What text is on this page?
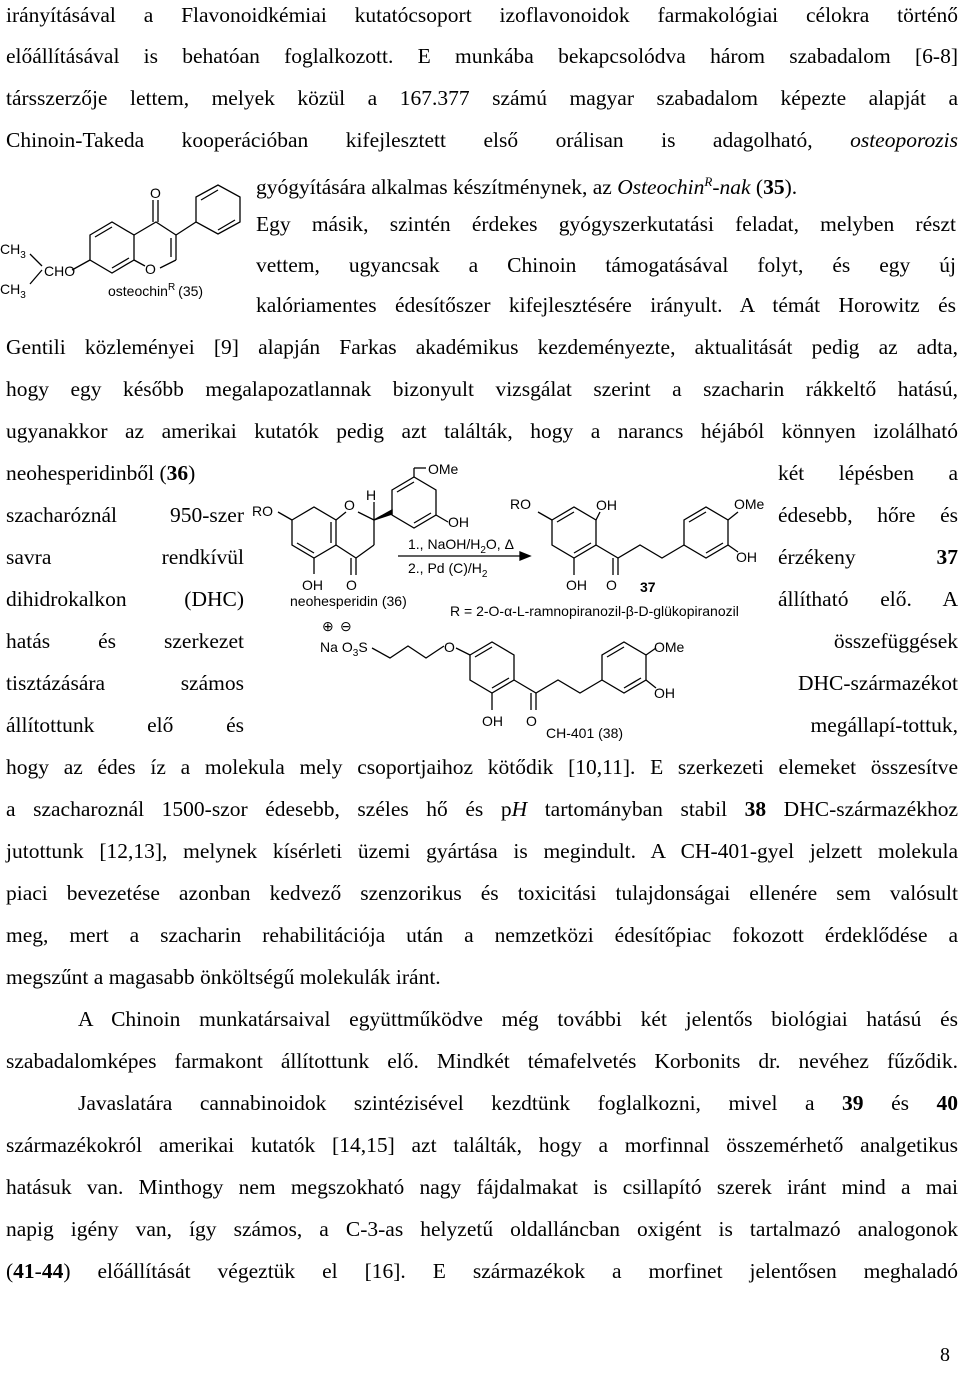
irányításával a Flavonoidkémiai kutatócsoport izoflavonoidok farmakológiai célokra történő
előállításával is behatóan foglalkozott. E munkába bekapcsolódva három szabadalom [6-8]
társszerzője lettem, melyek közül a 167.377 számú magyar szabadalom képezte alapját a
Chinoin-Takeda kooperációban kifejlesztett első orálisan is adagolható, osteoporozis
gyógyítására alkalmas készítménynek, az Osteochin$^R$-nak (35).
Egy másik, szintén érdekes gyógyszerkutatási feladat, melyben részt
vettem, ugyancsak a Chinoin támogatásával folyt, és egy új
kalóriamentes édesítőszer kifejlesztésére irányult. A témát Horowitz és
Gentili közleményei [9] alapján Farkas akadémikus kezdeményezte, aktualitását pedig az adta,
hogy egy később megalapozatlannak bizonyult vizsgálat szerint a szacharin rákkeltő hatású,
ugyanakkor az amerikai kutatók pedig azt találták, hogy a narancs héjából könnyen izolálható
neohesperidinből (36)
szacharóznál 950-szer
savra rendkívül
dihidrokalkon (DHC)
hatás és szerkezet
tisztázására számos
állítottunk elő és
két lépésben a
édesebb, hőre és
érzékeny	37
állítható elő. A
összefüggések
DHC-származékot
megállapí-tottuk,
hogy az édes íz a molekula mely csoportjaihoz kötődik [10,11]. E szerkezeti elemeket összesítve
a szacharoznál 1500-szor édesebb, széles hő és pH tartományban stabil 38 DHC-származékhoz
jutottunk [12,13], melynek kísérleti üzemi gyártása is megindult. A CH-401-gyel jelzett molekula
piaci bevezetése azonban kedvező szenzorikus és toxicitási tulajdonságai ellenére sem valósult
meg, mert a szacharin rehabilitációja után a nemzetközi édesítőpiac fokozott érdeklődése a
megszűnt a magasabb önköltségű molekulák iránt.
A Chinoin munkatársaival együttműködve még további két jelentős biológiai hatású és
szabadalomképes farmakont állítottunk elő. Mindkét témafelvetés Korbonits dr. nevéhez fűződik.
Javaslatára cannabinoidok szintézisével kezdtünk foglalkozni, mivel a 39 és 40
származékokról amerikai kutatók [14,15] azt találták, hogy a morfinnal összemérhető analgetikus
hatásuk van. Minthogy nem megszokható nagy fájdalmakat is csillapító szerek iránt mind a mai
napig igény van, így számos, a C-3-as helyzetű oldalláncban oxigént is tartalmazó analogonok
(41-44) előállítását végeztük el [16]. E származékok a morfinet jelentősen meghaladó
8
O
O
CHO
$CH_3$
$CH_3$	osteochin$^R$ (35)
RO	O
O
OH
H
OMe
OH
neohesperidin (36)
1., NaOH/$H_2O$, Δ
2., Pd $(C)/H_2$
RO	OH
OH O
OMe
OH
37
R = 2-O-α-L-ramnopiranozil-β-D-glükopiranozil
⊕ ⊖
Na $O_3S$	O
OH O
OMe
OH
CH-401 (38)
